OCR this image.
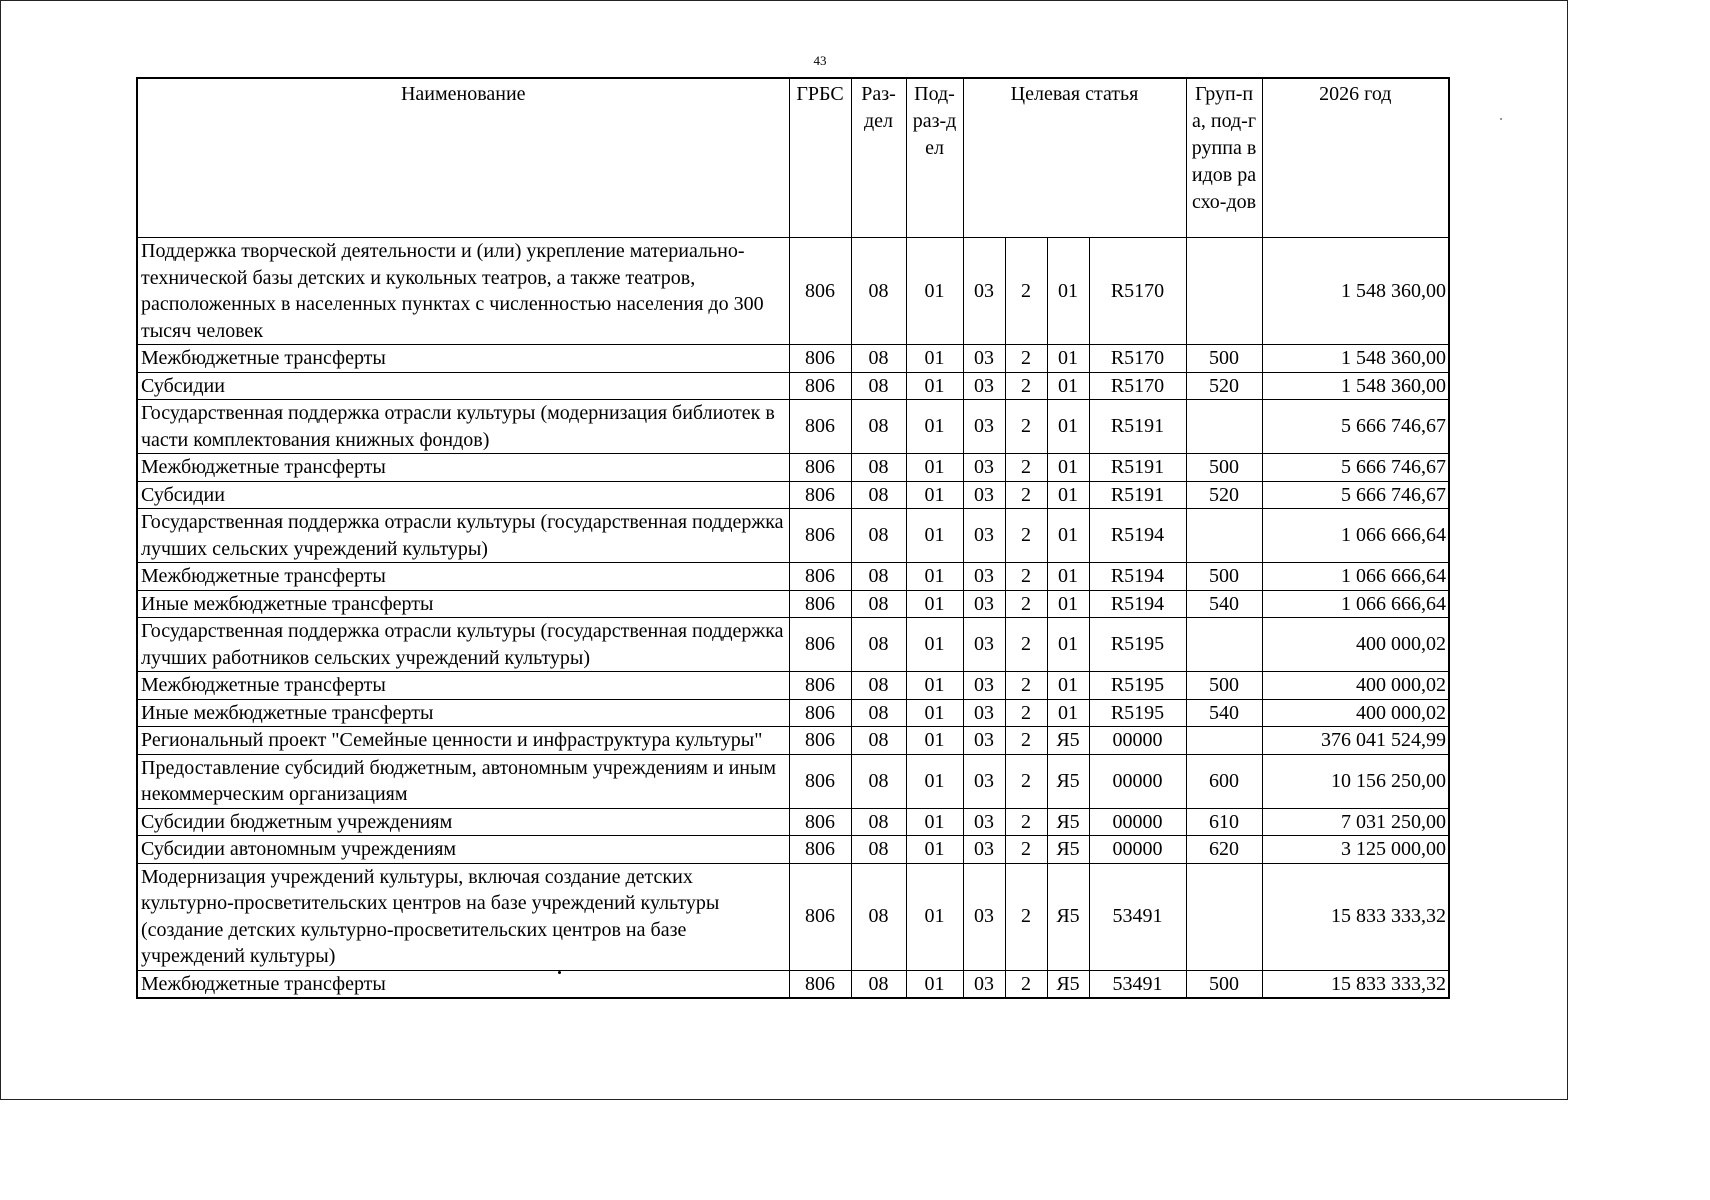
43
Наименование	ГРБС	Раз-дел	Под-раз-дел	Целевая статья				Груп-па, под-группа видов расхо-дов	2026 год
Поддержка творческой деятельности и (или) укрепление материально-технической базы детских и кукольных театров, а также театров, расположенных в населенных пунктах с численностью населения до 300 тысяч человек	806	08	01	03	2	01	R5170		1 548 360,00
Межбюджетные трансферты	806	08	01	03	2	01	R5170	500	1 548 360,00
Субсидии	806	08	01	03	2	01	R5170	520	1 548 360,00
Государственная поддержка отрасли культуры (модернизация библиотек в части комплектования книжных фондов)	806	08	01	03	2	01	R5191		5 666 746,67
Межбюджетные трансферты	806	08	01	03	2	01	R5191	500	5 666 746,67
Субсидии	806	08	01	03	2	01	R5191	520	5 666 746,67
Государственная поддержка отрасли культуры (государственная поддержка лучших сельских учреждений культуры)	806	08	01	03	2	01	R5194		1 066 666,64
Межбюджетные трансферты	806	08	01	03	2	01	R5194	500	1 066 666,64
Иные межбюджетные трансферты	806	08	01	03	2	01	R5194	540	1 066 666,64
Государственная поддержка отрасли культуры (государственная поддержка лучших работников сельских учреждений культуры)	806	08	01	03	2	01	R5195		400 000,02
Межбюджетные трансферты	806	08	01	03	2	01	R5195	500	400 000,02
Иные межбюджетные трансферты	806	08	01	03	2	01	R5195	540	400 000,02
Региональный проект "Семейные ценности и инфраструктура культуры"	806	08	01	03	2	Я5	00000		376 041 524,99
Предоставление субсидий бюджетным, автономным учреждениям и иным некоммерческим организациям	806	08	01	03	2	Я5	00000	600	10 156 250,00
Субсидии бюджетным учреждениям	806	08	01	03	2	Я5	00000	610	7 031 250,00
Субсидии автономным учреждениям	806	08	01	03	2	Я5	00000	620	3 125 000,00
Модернизация учреждений культуры, включая создание детских культурно-просветительских центров на базе учреждений культуры (создание детских культурно-просветительских центров на базе учреждений культуры)	806	08	01	03	2	Я5	53491		15 833 333,32
Межбюджетные трансферты	806	08	01	03	2	Я5	53491	500	15 833 333,32
